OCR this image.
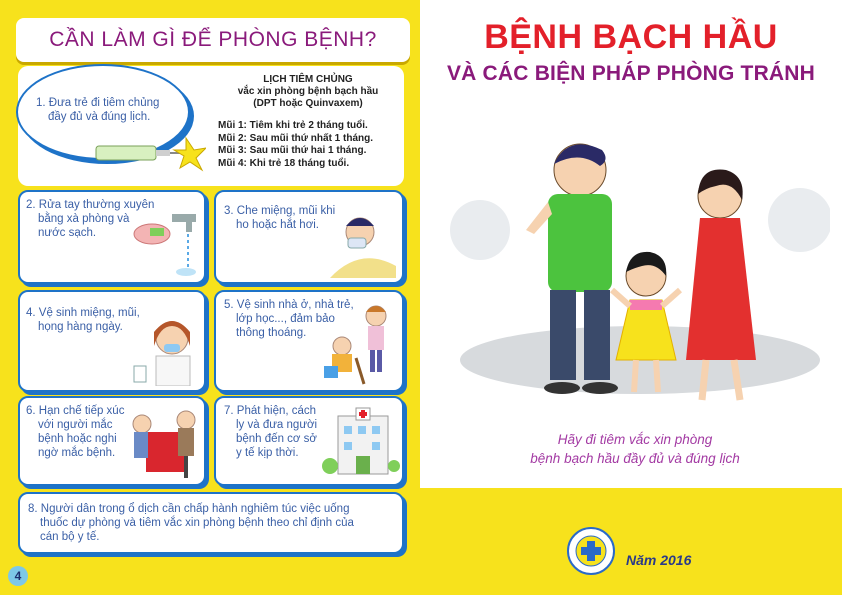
CẦN LÀM GÌ ĐỂ PHÒNG BỆNH?
1. Đưa trẻ đi tiêm chủng
đầy đủ và đúng lịch.
LỊCH TIÊM CHỦNG
vắc xin phòng bệnh bạch hầu
(DPT hoặc Quinvaxem)
Mũi 1: Tiêm khi trẻ 2 tháng tuổi.
Mũi 2: Sau mũi thứ nhất 1 tháng.
Mũi 3: Sau mũi thứ hai 1 tháng.
Mũi 4: Khi trẻ 18 tháng tuổi.
2. Rửa tay thường xuyên
bằng xà phòng và
nước sạch.
3. Che miệng, mũi khi
ho hoặc hắt hơi.
4. Vệ sinh miệng, mũi,
họng hàng ngày.
5. Vệ sinh nhà ở, nhà trẻ,
lớp học..., đảm bảo
thông thoáng.
6. Hạn chế tiếp xúc
với người mắc
bệnh hoặc nghi
ngờ mắc bệnh.
7. Phát hiện, cách
ly và đưa người
bệnh đến cơ sở
y tế kịp thời.
8. Người dân trong ổ dịch cần chấp hành nghiêm túc việc uống
thuốc dự phòng và tiêm vắc xin phòng bệnh theo chỉ định của
cán bộ y tế.
4
BỆNH BẠCH HẦU
VÀ CÁC BIỆN PHÁP PHÒNG TRÁNH
Hãy đi tiêm vắc xin phòng
bệnh bạch hầu đầy đủ và đúng lịch
Năm 2016
